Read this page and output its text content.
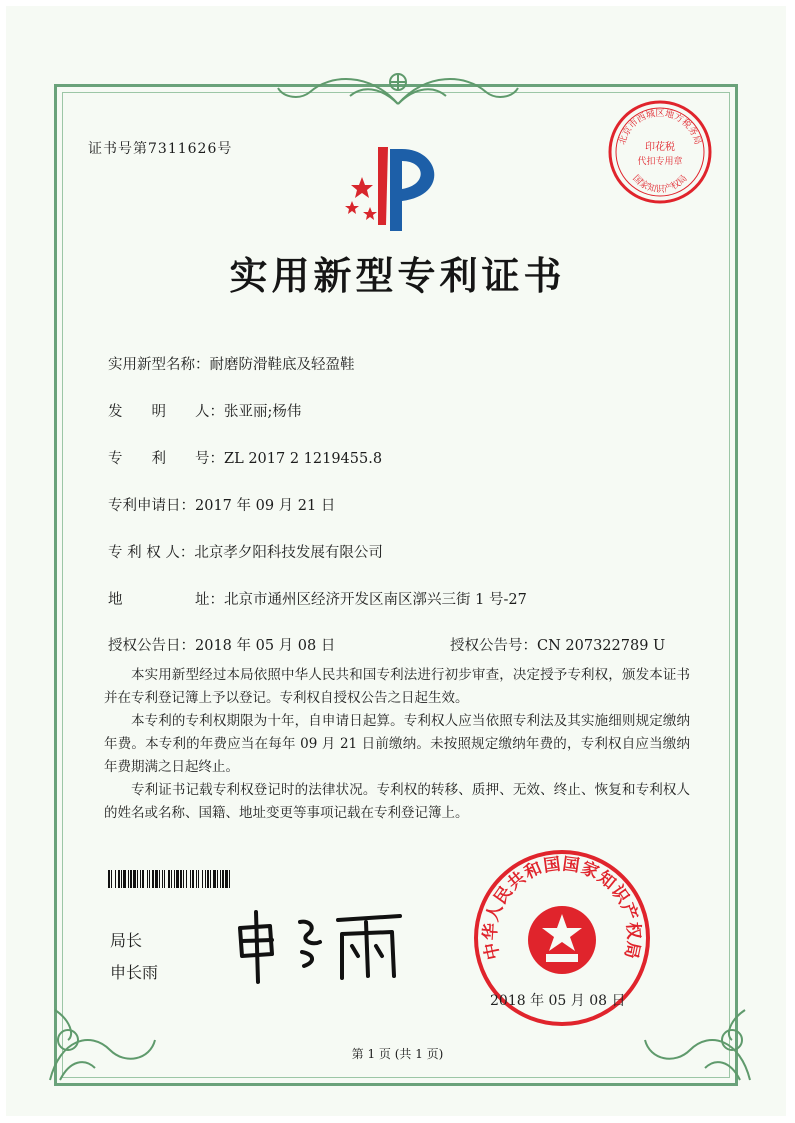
证书号第7311626号
北京市西城区地方税务局
印花税
代扣专用章
国家知识产权局
实用新型专利证书
实用新型名称：耐磨防滑鞋底及轻盈鞋
发　　明　　人：张亚丽;杨伟
专　　利　　号：ZL 2017 2 1219455.8
专利申请日：2017 年 09 月 21 日
专 利 权 人：北京孝夕阳科技发展有限公司
地　　　　　址：北京市通州区经济开发区南区漷兴三街 1 号-27
授权公告日：2018 年 05 月 08 日	授权公告号：CN 207322789 U

本实用新型经过本局依照中华人民共和国专利法进行初步审查，决定授予专利权，颁发本证书并在专利登记簿上予以登记。专利权自授权公告之日起生效。

本专利的专利权期限为十年，自申请日起算。专利权人应当依照专利法及其实施细则规定缴纳年费。本专利的年费应当在每年 09 月 21 日前缴纳。未按照规定缴纳年费的，专利权自应当缴纳年费期满之日起终止。

专利证书记载专利权登记时的法律状况。专利权的转移、质押、无效、终止、恢复和专利权人的姓名或名称、国籍、地址变更等事项记载在专利登记簿上。

局长
申长雨
中华人民共和国国家知识产权局
2018 年 05 月 08 日
第 1 页 (共 1 页)
